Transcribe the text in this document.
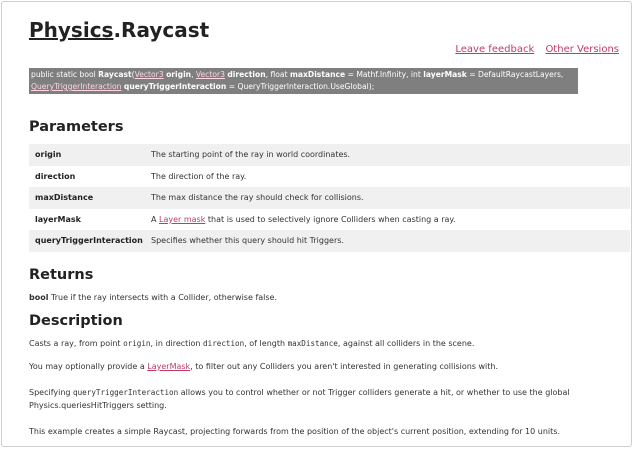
Physics.Raycast
Leave feedback Other Versions
public static bool Raycast(Vector3 origin, Vector3 direction, float maxDistance = Mathf.Infinity, int layerMask = DefaultRaycastLayers,
QueryTriggerInteraction queryTriggerInteraction = QueryTriggerInteraction.UseGlobal);
Parameters
origin	The starting point of the ray in world coordinates.
direction	The direction of the ray.
maxDistance	The max distance the ray should check for collisions.
layerMask	A Layer mask that is used to selectively ignore Colliders when casting a ray.
queryTriggerInteraction	Specifies whether this query should hit Triggers.
Returns
bool True if the ray intersects with a Collider, otherwise false.
Description
Casts a ray, from point origin, in direction direction, of length maxDistance, against all colliders in the scene.
You may optionally provide a LayerMask, to filter out any Colliders you aren't interested in generating collisions with.
Specifying queryTriggerInteraction allows you to control whether or not Trigger colliders generate a hit, or whether to use the global
Physics.queriesHitTriggers setting.
This example creates a simple Raycast, projecting forwards from the position of the object's current position, extending for 10 units.
